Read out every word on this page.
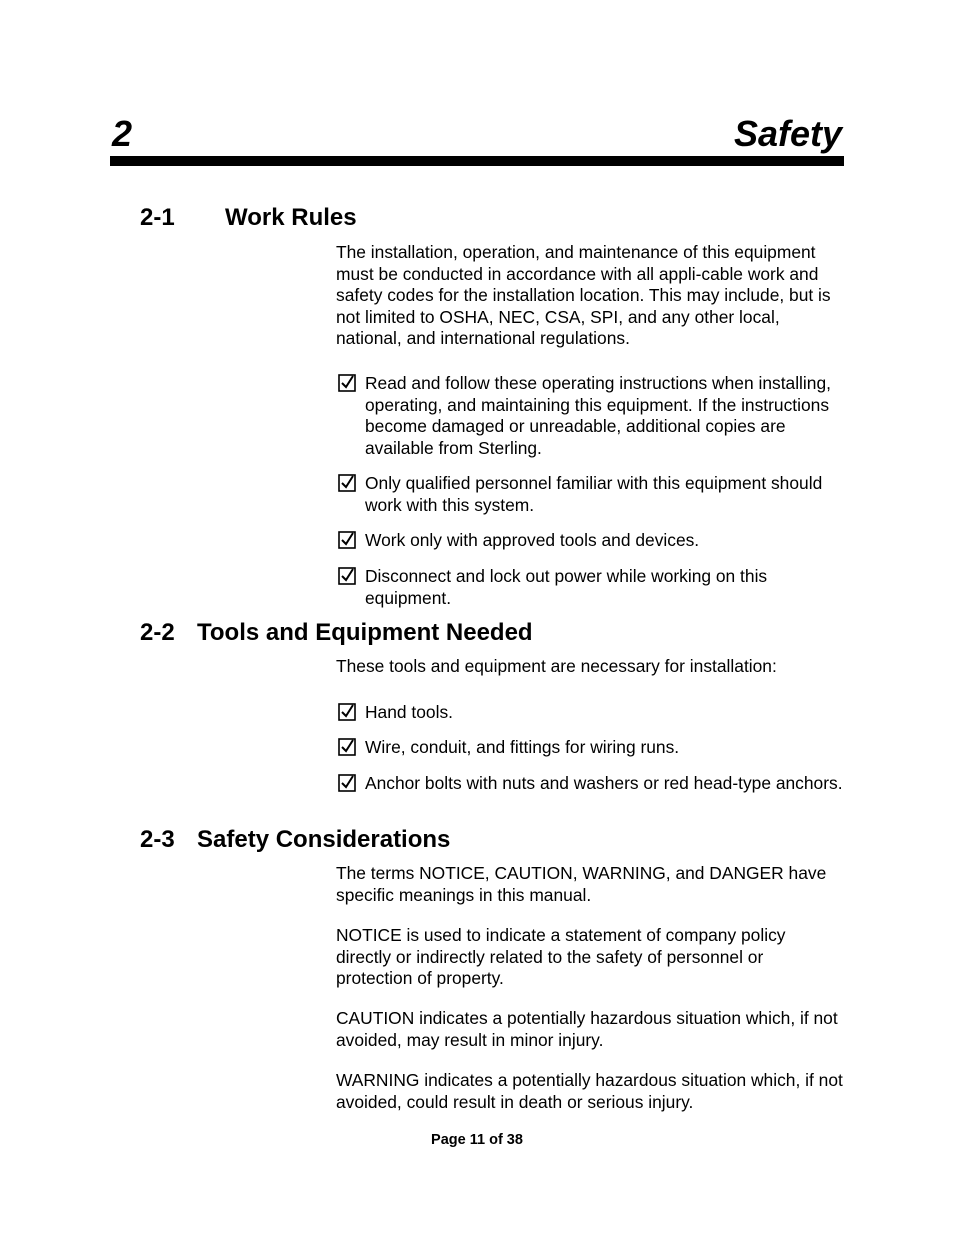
2	Safety
2-1 Work Rules

The installation, operation, and maintenance of this equipment must be conducted in accordance with all appli-cable work and safety codes for the installation location. This may include, but is not limited to OSHA, NEC, CSA, SPI, and any other local, national, and international regulations.

Read and follow these operating instructions when installing, operating, and maintaining this equipment. If the instructions become damaged or unreadable, additional copies are available from Sterling.
Only qualified personnel familiar with this equipment should work with this system.
Work only with approved tools and devices.
Disconnect and lock out power while working on this equipment.
2-2 Tools and Equipment Needed

These tools and equipment are necessary for installation:

Hand tools.
Wire, conduit, and fittings for wiring runs.
Anchor bolts with nuts and washers or red head-type anchors.
2-3 Safety Considerations

The terms NOTICE, CAUTION, WARNING, and DANGER have specific meanings in this manual.

NOTICE is used to indicate a statement of company policy directly or indirectly related to the safety of personnel or protection of property.

CAUTION indicates a potentially hazardous situation which, if not avoided, may result in minor injury.

WARNING indicates a potentially hazardous situation which, if not avoided, could result in death or serious injury.

Page 11 of 38
